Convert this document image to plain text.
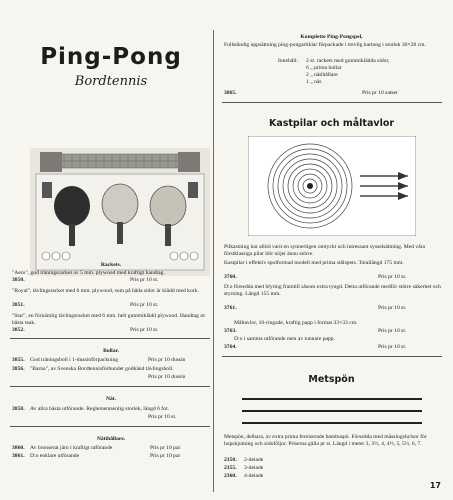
Ping-Pong
Bordtennis
Rackets.
"Aero", god träningsracket av 5 mm. plywood med kraftigt handtag.
3850.	Pris pr 10 st.
"Royal", tävlingsracket med 6 mm. plywood, som på båda sidor är klädd med kork.
3851.	Pris pr 10 st.
"Star", en förnämlig tävlingsracket med 6 mm. helt gummiklädd plywood. Handtag av bästa teak.
3852.	Pris pr 10 st.
Bollar.
3855. God träningsboll i 1-dussinförpackning	Pris pr 10 dussin
3856. "Barna", av Svenska Bordtennisförbundet godkänd tävlingsboll.
Pris pr 10 dussin
Nät.
3858. Av allra bästa utförande. Reglementsenlig storlek, längd 6 fot.
Pris pr 10 st.
Nätihållare.
3860. Av bronserat järn i kraftigt utförande	Pris pr 10 par
3861. D:o enklare utförande	Pris pr 10 par
Komplette Ping-Pongspel,
Fullständig uppsättning ping-pongartiklar förpackade i trevlig kartong i storlek 30×28 cm.
Innehåll: 2 st. rackets med gummiklädda sidor,
6 „ prima bollar
2 „ nätihållare
1 „ nät.
3865.	Pris pr 10 satser
Kastpilar och måltavlor
Pilkastning har alltid varit en synnerligen omtyckt och intressant sysselsättning. Med våra förstklassiga pilar blir nöjet ännu större.
Kastpilar i effektiv spolformad modell med prima stålspets. Totallängd 175 mm.
3760.	Pris pr 10 st.
D:o försedda med blyring framtill såsom extra tyngd. Detta utförande medför större säkerhet och styrning. Längd 155 mm.
3761.	Pris pr 10 st.
Måltavlor, 10-ringade, kraftig papp i format 33×33 cm.
3763.	Pris pr 10 st.
D:o i samma utförande men av tunnare papp.
3764.	Pris pr 10 st.
Metspön
Metspön, delbara, av extra prima ferniserade bambuspö. Försedda med mässingshylsor för hopskjutning och sidoföljor. Priserna gälla pr st. Längd i meter 3, 3½, 4, 4½, 5, 5½, 6, 7.
2350. 2-delade
2355. 3-delade
2360. 4-delade
17
